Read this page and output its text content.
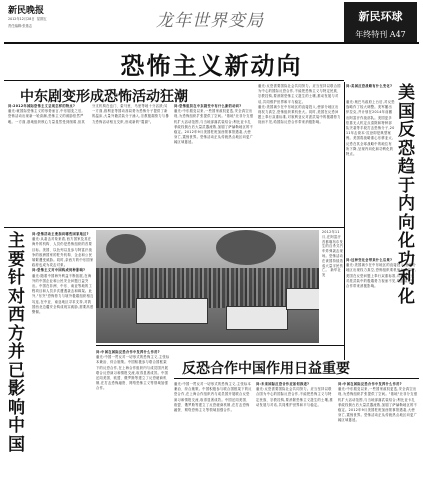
新民晚报
2012年12月28日 星期五
责任编辑:张基志	龙年世界变局	新民环球
年终特刊 A47
恐怖主义新动向
中东剧变形成恐怖活动狂潮

问:2012年国际恐怖主义呈现怎样的特点?

潘光:就国际恐怖主义的形势而言,中东剧变之后,恐怖活动出现新一轮高潮,恐怖主义的威胁依然严峻。一方面,基地组织核心力量虽然受到削弱,但其分支机构在也门、索马里、马里等地十分活跃;另一方面,叙利亚等国动荡局势为恐怖分子提供了新的温床,大量外籍武装分子涌入,宗教极端势力与暴力恐怖活动相互交织,形成新的"震源"。

问:恐怖组织在中东剧变中有什么新的动向?

潘光:中东剧变以来,一些国家政权更迭,安全真空出现,为恐怖组织扩张提供了空间。"基地"北非分支借机扩大活动范围,与当地部落武装结合;利比亚卡扎菲政权倒台后大量武器流散,加剧了萨赫勒地区的不稳定。2012年9月美国驻班加西领事馆遇袭,大使身亡,震惊世界。恐怖活动正从传统热点地区向更广阔区域蔓延。

潘光:反恐需要国际社会共同努力。应当坚持以联合国为中心的国际反恐合作,不能把恐怖主义与特定民族、宗教挂钩,要消除恐怖主义滋生的土壤,推动发展与对话,共同维护世界和平与稳定。

潘光:美国减少在中东地区的直接投入,使部分地区出现权力真空,恐怖组织乘机坐大。同时,美国在反恐问题上奉行双重标准,对叙利亚反对派武装中的极端势力视而不见,给国际反恐合作带来消极影响。

问:美国反恐战略有什么变化? 美国反恐趋于内向化功利化

潘光:奥巴马政府上台后,对反恐战略作了较大调整。美军撤出伊拉克,并计划在2014年前撤出阿富汗作战部队。美国更多依靠无人机定点清除和特种部队突袭等手段打击恐怖分子,2011年击毙本·拉登即是典型案例。美国将战略重心东移亚太,反恐在其全球战略中的地位有所下降,呈现内向化和功利化的特点。

问:这种变化会带来什么后果?

潘光:美国减少在中东地区的直接投入,使部分地区出现权力真空,恐怖组织乘机坐大。同时,美国在反恐问题上奉行双重标准,对叙利亚反对派武装中的极端势力视而不见,给国际反恐合作带来消极影响。

主要针对西方并已影响中国

问:恐怖活动主要指向哪些国家地区?

潘光:从袭击对象来看,西方国家及其在海外的机构、人员仍是恐怖组织的首要目标。美国、以色列以及参与阿富汗战争的欧洲国家的驻外机构、企业和公民频繁遭受威胁。同时,亲西方的中东国家政府也成为攻击对象。

问:恐怖主义对中国构成何种影响?

潘光:随着中国海外利益不断拓展,在海外的中国企业和公民安全问题日益突出。中国在非洲、中东、南亚等地的工程项目和人员多次遭遇袭击和绑架。此外,"东突"恐怖势力与境外极端组织相互勾连,在中亚、南亚地区寻求支持,对我国西北边疆安全构成现实威胁,需要高度警惕。

2012年11月,在阿富汗首都喀布尔发生的自杀式汽车炸弹袭击现场。恐怖活动在该国持续造成大量平民伤亡。 新华社发

问:中国在国际反恐合作中发挥什么作用?

潘光:中国一贯反对一切形式的恐怖主义,主张标本兼治、综合施策。中国积极参与联合国框架下的反恐合作,在上海合作组织内与成员国开展联合反恐演习和情报交流,取得显著成效。中国还同美国、欧盟、俄罗斯等建立了反恐磋商机制,在打击恐怖融资、网络恐怖主义等领域加强合作。

反恐合作中国作用日益重要

潘光:中国一贯反对一切形式的恐怖主义,主张标本兼治、综合施策。中国积极参与联合国框架下的反恐合作,在上海合作组织内与成员国开展联合反恐演习和情报交流,取得显著成效。中国还同美国、欧盟、俄罗斯等建立了反恐磋商机制,在打击恐怖融资、网络恐怖主义等领域加强合作。

问:未来国际反恐合作应如何推进?

潘光:反恐需要国际社会共同努力。应当坚持以联合国为中心的国际反恐合作,不能把恐怖主义与特定民族、宗教挂钩,要消除恐怖主义滋生的土壤,推动发展与对话,共同维护世界和平与稳定。

问:中国在国际反恐合作中发挥什么作用?

潘光:中东剧变以来,一些国家政权更迭,安全真空出现,为恐怖组织扩张提供了空间。"基地"北非分支借机扩大活动范围,与当地部落武装结合;利比亚卡扎菲政权倒台后大量武器流散,加剧了萨赫勒地区的不稳定。2012年9月美国驻班加西领事馆遇袭,大使身亡,震惊世界。恐怖活动正从传统热点地区向更广阔区域蔓延。
